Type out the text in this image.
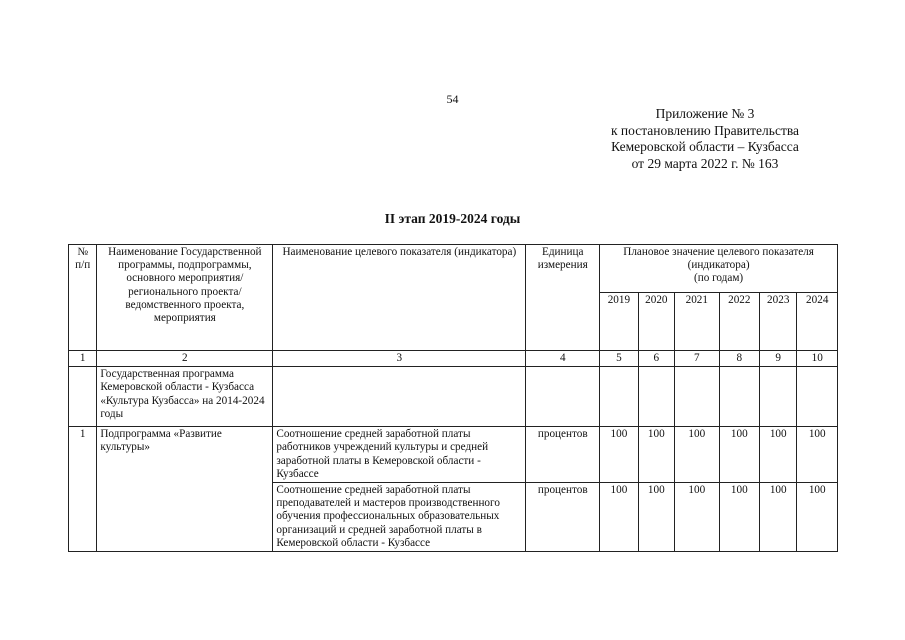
54
Приложение № 3
к постановлению Правительства
Кемеровской области – Кузбасса
от 29 марта 2022 г. № 163
II этап 2019-2024 годы
№ п/п	Наименование Государственной программы, подпрограммы, основного мероприятия/ регионального проекта/ведомственного проекта, мероприятия	Наименование целевого показателя (индикатора)	Единица измерения	Плановое значение целевого показателя
(индикатора)
(по годам)					

				2019	2020	2021	2022	2023	2024
1	2	3	4	5	6	7	8	9	10
	Государственная программа Кемеровской области - Кузбасса «Культура Кузбасса» на 2014-2024 годы								
1	Подпрограмма «Развитие культуры»	Соотношение средней заработной платы работников учреждений культуры и средней заработной платы в Кемеровской области - Кузбассе	процентов	100	100	100	100	100	100
		Соотношение средней заработной платы преподавателей и мастеров производственного обучения профессиональных образовательных организаций и средней заработной платы в Кемеровской области - Кузбассе	процентов	100	100	100	100	100	100
